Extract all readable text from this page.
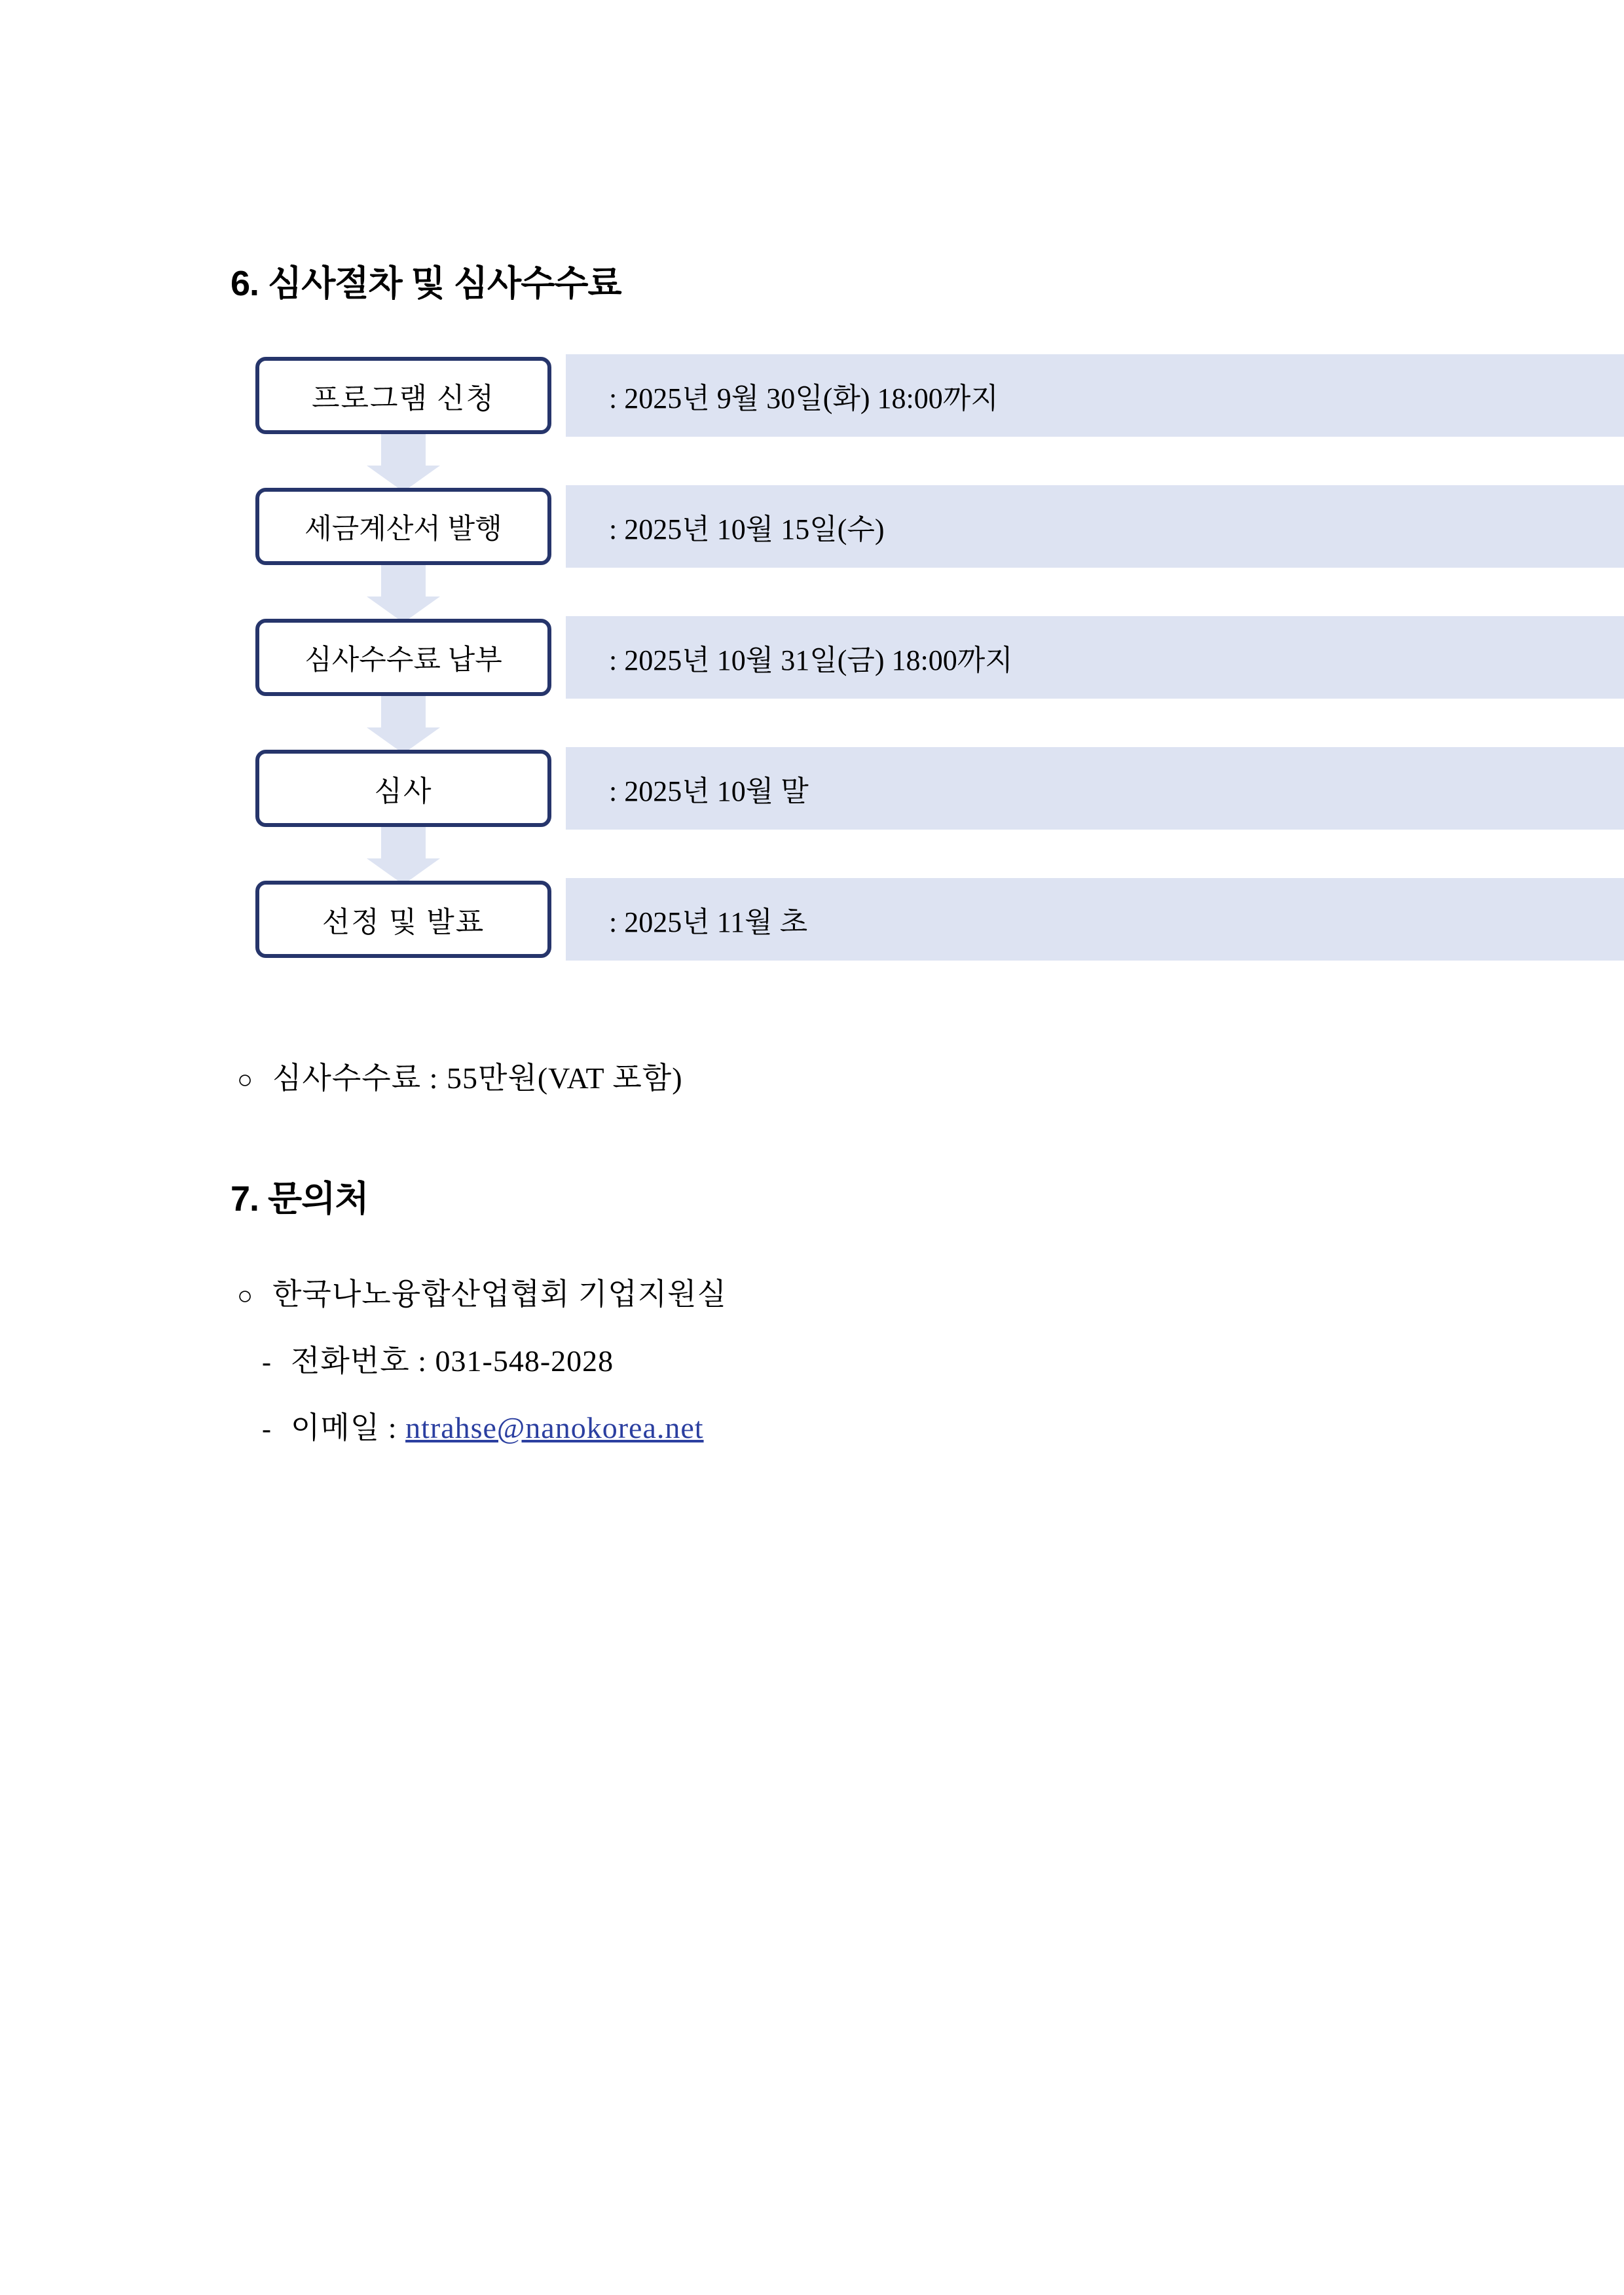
6. 심사절차 및 심사수수료
프로그램 신청	: 2025년 9월 30일(화) 18:00까지
세금계산서 발행	: 2025년 10월 15일(수)
심사수수료 납부	: 2025년 10월 31일(금) 18:00까지
심사	: 2025년 10월 말
선정 및 발표	: 2025년 11월 초
○ 심사수수료 : 55만원(VAT 포함)
7. 문의처
○ 한국나노융합산업협회 기업지원실
- 전화번호 : 031-548-2028
- 이메일 : ntrahse@nanokorea.net
